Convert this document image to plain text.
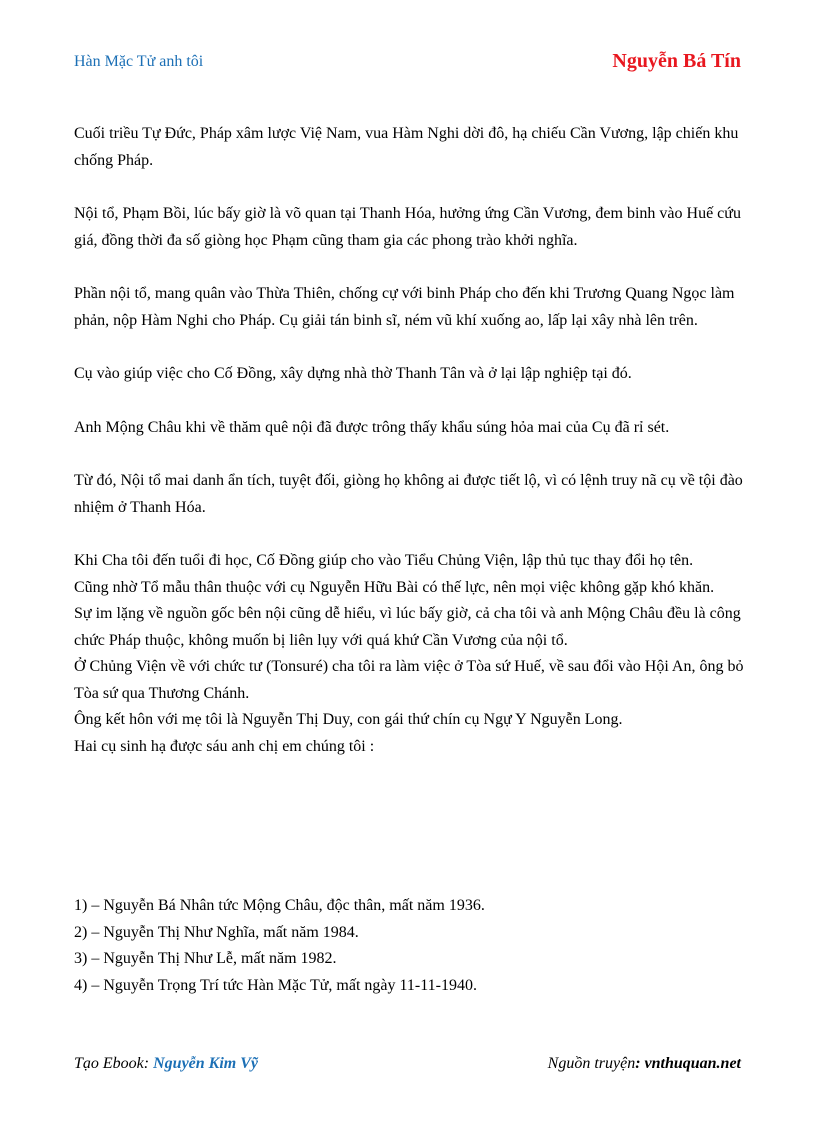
Hàn Mặc Tử anh tôi	Nguyễn Bá Tín

Cuối triều Tự Đức, Pháp xâm lược Việ Nam, vua Hàm Nghi dời đô, hạ chiếu Cần Vương, lập chiến khu chống Pháp.

Nội tổ, Phạm Bồi, lúc bấy giờ là võ quan tại Thanh Hóa, hưởng ứng Cần Vương, đem binh vào Huế cứu giá, đồng thời đa số giòng học Phạm cũng tham gia các phong trào khởi nghĩa.

Phần nội tổ, mang quân vào Thừa Thiên, chống cự với binh Pháp cho đến khi Trương Quang Ngọc làm phản, nộp Hàm Nghi cho Pháp. Cụ giải tán binh sĩ, ném vũ khí xuống ao, lấp lại xây nhà lên trên.

Cụ vào giúp việc cho Cố Đồng, xây dựng nhà thờ Thanh Tân và ở lại lập nghiệp tại đó.

Anh Mộng Châu khi về thăm quê nội đã được trông thấy khẩu súng hỏa mai của Cụ đã rỉ sét.

Từ đó, Nội tổ mai danh ẩn tích, tuyệt đối, giòng họ không ai được tiết lộ, vì có lệnh truy nã cụ về tội đào nhiệm ở Thanh Hóa.

Khi Cha tôi đến tuổi đi học, Cố Đồng giúp cho vào Tiểu Chủng Viện, lập thủ tục thay đổi họ tên.

Cũng nhờ Tổ mẫu thân thuộc với cụ Nguyễn Hữu Bài có thế lực, nên mọi việc không gặp khó khăn.

Sự im lặng về nguồn gốc bên nội cũng dễ hiểu, vì lúc bấy giờ, cả cha tôi và anh Mộng Châu đều là công chức Pháp thuộc, không muốn bị liên lụy với quá khứ Cần Vương của nội tổ.

Ở Chủng Viện về với chức tư (Tonsuré) cha tôi ra làm việc ở Tòa sứ Huế, về sau đổi vào Hội An, ông bỏ Tòa sứ qua Thương Chánh.

Ông kết hôn với mẹ tôi là Nguyễn Thị Duy, con gái thứ chín cụ Ngự Y Nguyễn Long.

Hai cụ sinh hạ được sáu anh chị em chúng tôi :

1) – Nguyễn Bá Nhân tức Mộng Châu, độc thân, mất năm 1936.
2) – Nguyễn Thị Như Nghĩa, mất năm 1984.
3) – Nguyễn Thị Như Lễ, mất năm 1982.
4) – Nguyễn Trọng Trí tức Hàn Mặc Tử, mất ngày 11-11-1940.
Tạo Ebook: Nguyễn Kim Vỹ	Nguồn truyện: vnthuquan.net
